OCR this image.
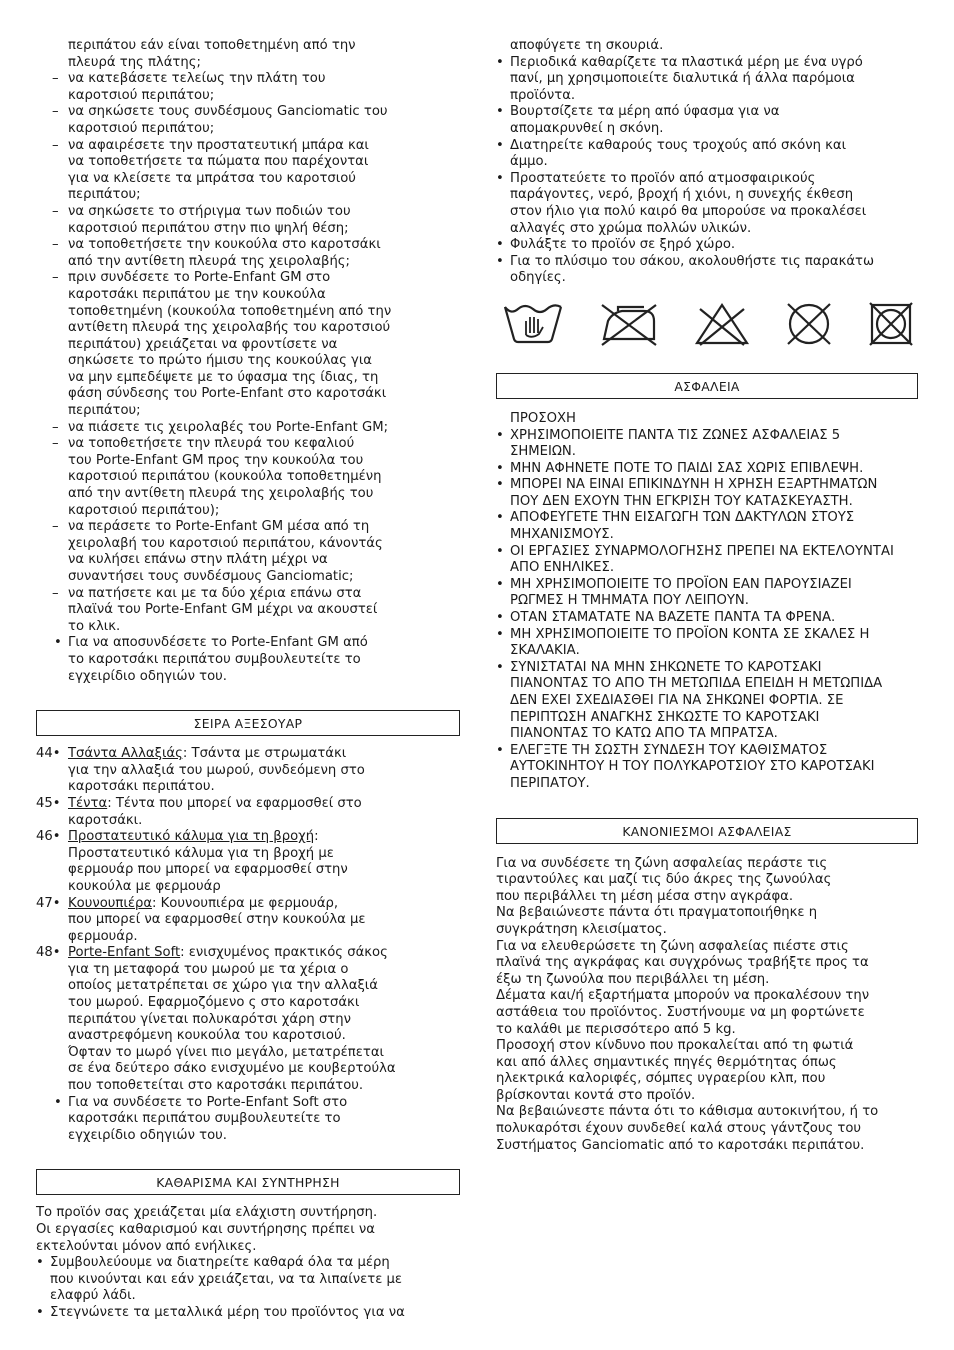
περιπάτου εάν είναι τοποθετημένη από την
πλευρά της πλάτης;
– να κατεβάσετε τελείως την πλάτη του
καροτσιού περιπάτου;
– να σηκώσετε τους συνδέσμους Ganciomatic του
καροτσιού περιπάτου;
– να αφαιρέσετε την προστατευτική μπάρα και
να τοποθετήσετε τα πώματα που παρέχονται
για να κλείσετε τα μπράτσα του καροτσιού
περιπάτου;
– να σηκώσετε το στήριγμα των ποδιών του
καροτσιού περιπάτου στην πιο ψηλή θέση;
– να τοποθετήσετε την κουκούλα στο καροτσάκι
από την αντίθετη πλευρά της χειρολαβής;
– πριν συνδέσετε το Porte-Enfant GM στο
καροτσάκι περιπάτου με την κουκούλα
τοποθετημένη (κουκούλα τοποθετημένη από την
αντίθετη πλευρά της χειρολαβής του καροτσιού
περιπάτου) χρειάζεται να φροντίσετε να
σηκώσετε το πρώτο ήμισυ της κουκούλας για
να μην εμπεδέψετε με το ύφασμα της ίδιας, τη
φάση σύνδεσης του Porte-Enfant στο καροτσάκι
περιπάτου;
– να πιάσετε τις χειρολαβές του Porte-Enfant GM;
– να τοποθετήσετε την πλευρά του κεφαλιού
του Porte-Enfant GM προς την κουκούλα του
καροτσιού περιπάτου (κουκούλα τοποθετημένη
από την αντίθετη πλευρά της χειρολαβής του
καροτσιού περιπάτου);
– να περάσετε το Porte-Enfant GM μέσα από τη
χειρολαβή του καροτσιού περιπάτου, κάνοντάς
να κυλήσει επάνω στην πλάτη μέχρι να
συναντήσει τους συνδέσμους Ganciomatic;
– να πατήσετε και με τα δύο χέρια επάνω στα
πλαϊνά του Porte-Enfant GM μέχρι να ακουστεί
το κλικ.
• Για να αποσυνδέσετε το Porte-Enfant GM από
το καροτσάκι περιπάτου συμβουλευτείτε το
εγχειρίδιο οδηγιών του.
ΣΕΙΡΑ ΑΞΕΣΟΥΑΡ
44 •	Τσάντα Αλλαξιάς: Τσάντα με στρωματάκι
για την αλλαξιά του μωρού, συνδεόμενη στο
καροτσάκι περιπάτου.
45 •	Τέντα: Τέντα που μπορεί να εφαρμοσθεί στο
καροτσάκι.
46 •	Προστατευτικό κάλυμα για τη βροχή:
Προστατευτικό κάλυμα για τη βροχή με
φερμουάρ που μπορεί να εφαρμοσθεί στην
κουκούλα με φερμουάρ
47 •	Κουνουπιέρα: Κουνουπιέρα με φερμουάρ,
που μπορεί να εφαρμοσθεί στην κουκούλα με
φερμουάρ.
48 •	Porte-Enfant Soft: ενισχυμένος πρακτικός σάκος
για τη μεταφορά του μωρού με τα χέρια ο
οποίος μετατρέπεται σε χώρο για την αλλαξιά
του μωρού. Εφαρμοζόμενο ς στο καροτσάκι
περιπάτου γίνεται πολυκαρότσι χάρη στην
αναστρεφόμενη κουκούλα του καροτσιού.
Όφταν το μωρό γίνει πιο μεγάλο, μετατρέπεται
σε ένα δεύτερο σάκο ενισχυμένο με κουβερτούλα
που τοποθετείται στο καροτσάκι περιπάτου.
• Για να συνδέσετε το Porte-Enfant Soft στο
καροτσάκι περιπάτου συμβουλευτείτε το
εγχειρίδιο οδηγιών του.
ΚΑΘΑΡΙΣΜΑ ΚΑΙ ΣΥΝΤΗΡΗΣΗ
Το προϊόν σας χρειάζεται μία ελάχιστη συντήρηση.
Οι εργασίες καθαρισμού και συντήρησης πρέπει να
εκτελούνται μόνον από ενήλικες.
• Συμβουλεύουμε να διατηρείτε καθαρά όλα τα μέρη
που κινούνται και εάν χρειάζεται, να τα λιπαίνετε με
ελαφρύ λάδι.
• Στεγνώνετε τα μεταλλικά μέρη του προϊόντος για να
αποφύγετε τη σκουριά.
• Περιοδικά καθαρίζετε τα πλαστικά μέρη με ένα υγρό
πανί, μη χρησιμοποιείτε διαλυτικά ή άλλα παρόμοια
προϊόντα.
• Βουρτσίζετε τα μέρη από ύφασμα για να
απομακρυνθεί η σκόνη.
• Διατηρείτε καθαρούς τους τροχούς από σκόνη και
άμμο.
• Προστατεύετε το προϊόν από ατμοσφαιρικούς
παράγοντες, νερό, βροχή ή χιόνι, η συνεχής έκθεση
στον ήλιο για πολύ καιρό θα μπορούσε να προκαλέσει
αλλαγές στο χρώμα πολλών υλικών.
• Φυλάξτε το προϊόν σε ξηρό χώρο.
• Για το πλύσιμο του σάκου, ακολουθήστε τις παρακάτω
οδηγίες.
ΑΣΦΑΛΕΙΑ
ΠΡΟΣΟΧΗ
• ΧΡΗΣΙΜΟΠΟΙΕΙΤΕ ΠΑΝΤΑ ΤΙΣ ΖΩΝΕΣ ΑΣΦΑΛΕΙΑΣ 5
ΣΗΜΕΙΩΝ.
• ΜΗΝ ΑΦΗΝΕΤΕ ΠΟΤΕ ΤΟ ΠΑΙΔΙ ΣΑΣ ΧΩΡΙΣ ΕΠΙΒΛΕΨΗ.
• ΜΠΟΡΕΙ ΝΑ ΕΙΝΑΙ ΕΠΙΚΙΝΔΥΝΗ Η ΧΡΗΣΗ ΕΞΑΡΤΗΜΑΤΩΝ
ΠΟΥ ΔΕΝ ΕΧΟΥΝ ΤΗΝ ΕΓΚΡΙΣΗ ΤΟΥ ΚΑΤΑΣΚΕΥΑΣΤΗ.
• ΑΠΟΦΕΥΓΕΤΕ ΤΗΝ ΕΙΣΑΓΩΓΗ ΤΩΝ ΔΑΚΤΥΛΩΝ ΣΤΟΥΣ
ΜΗΧΑΝΙΣΜΟΥΣ.
• ΟΙ ΕΡΓΑΣΙΕΣ ΣΥΝΑΡΜΟΛΟΓΗΣΗΣ ΠΡΕΠΕΙ ΝΑ ΕΚΤΕΛΟΥΝΤΑΙ
ΑΠΟ ΕΝΗΛΙΚΕΣ.
• ΜΗ ΧΡΗΣΙΜΟΠΟΙΕΙΤΕ ΤΟ ΠΡΟΪΟΝ ΕΑΝ ΠΑΡΟΥΣΙΑΖΕΙ
ΡΩΓΜΕΣ Η ΤΜΗΜΑΤΑ ΠΟΥ ΛΕΙΠΟΥΝ.
• ΟΤΑΝ ΣΤΑΜΑΤΑΤΕ ΝΑ ΒΑΖΕΤΕ ΠΑΝΤΑ ΤΑ ΦΡΕΝΑ.
• ΜΗ ΧΡΗΣΙΜΟΠΟΙΕΙΤΕ ΤΟ ΠΡΟΪΟΝ ΚΟΝΤΑ ΣΕ ΣΚΑΛΕΣ Η
ΣΚΑΛΑΚΙΑ.
• ΣΥΝΙΣΤΑΤΑΙ ΝΑ ΜΗΝ ΣΗΚΩΝΕΤΕ ΤΟ ΚΑΡΟΤΣΑΚΙ
ΠΙΑΝΟΝΤΑΣ ΤΟ ΑΠΟ ΤΗ ΜΕΤΩΠΙΔΑ ΕΠΕΙΔΗ Η ΜΕΤΩΠΙΔΑ
ΔΕΝ ΕΧΕΙ ΣΧΕΔΙΑΣΘΕΙ ΓΙΑ ΝΑ ΣΗΚΩΝΕΙ ΦΟΡΤΙΑ. ΣΕ
ΠΕΡΙΠΤΩΣΗ ΑΝΑΓΚΗΣ ΣΗΚΩΣΤΕ ΤΟ ΚΑΡΟΤΣΑΚΙ
ΠΙΑΝΟΝΤΑΣ ΤΟ ΚΑΤΩ ΑΠΟ ΤΑ ΜΠΡΑΤΣΑ.
• ΕΛΕΓΞΤΕ ΤΗ ΣΩΣΤΗ ΣΥΝΔΕΣΗ ΤΟΥ ΚΑΘΙΣΜΑΤΟΣ
ΑΥΤΟΚΙΝΗΤΟΥ Η ΤΟΥ ΠΟΛΥΚΑΡΟΤΣΙΟΥ ΣΤΟ ΚΑΡΟΤΣΑΚΙ
ΠΕΡΙΠΑΤΟΥ.
ΚΑΝΟΝΙΕΣΜΟΙ ΑΣΦΑΛΕΙΑΣ
Για να συνδέσετε τη ζώνη ασφαλείας περάστε τις
τιραντούλες και μαζί τις δύο άκρες της ζωνούλας
που περιβάλλει τη μέση μέσα στην αγκράφα.
Να βεβαιώνεστε πάντα ότι πραγματοποιήθηκε η
συγκράτηση κλεισίματος.
Για να ελευθερώσετε τη ζώνη ασφαλείας πιέστε στις
πλαϊνά της αγκράφας και συγχρόνως τραβήξτε προς τα
έξω τη ζωνούλα που περιβάλλει τη μέση.
Δέματα και/ή εξαρτήματα μπορούν να προκαλέσουν την
αστάθεια του προϊόντος. Συστήνουμε να μη φορτώνετε
το καλάθι με περισσότερο από 5 kg.
Προσοχή στον κίνδυνο που προκαλείται από τη φωτιά
και από άλλες σημαντικές πηγές θερμότητας όπως
ηλεκτρικά καλοριφές, σόμπες υγραερίου κλπ, που
βρίσκονται κοντά στο προϊόν.
Να βεβαιώνεστε πάντα ότι το κάθισμα αυτοκινήτου, ή το
πολυκαρότσι έχουν συνδεθεί καλά στους γάντζους του
Συστήματος Ganciomatic από το καροτσάκι περιπάτου.
